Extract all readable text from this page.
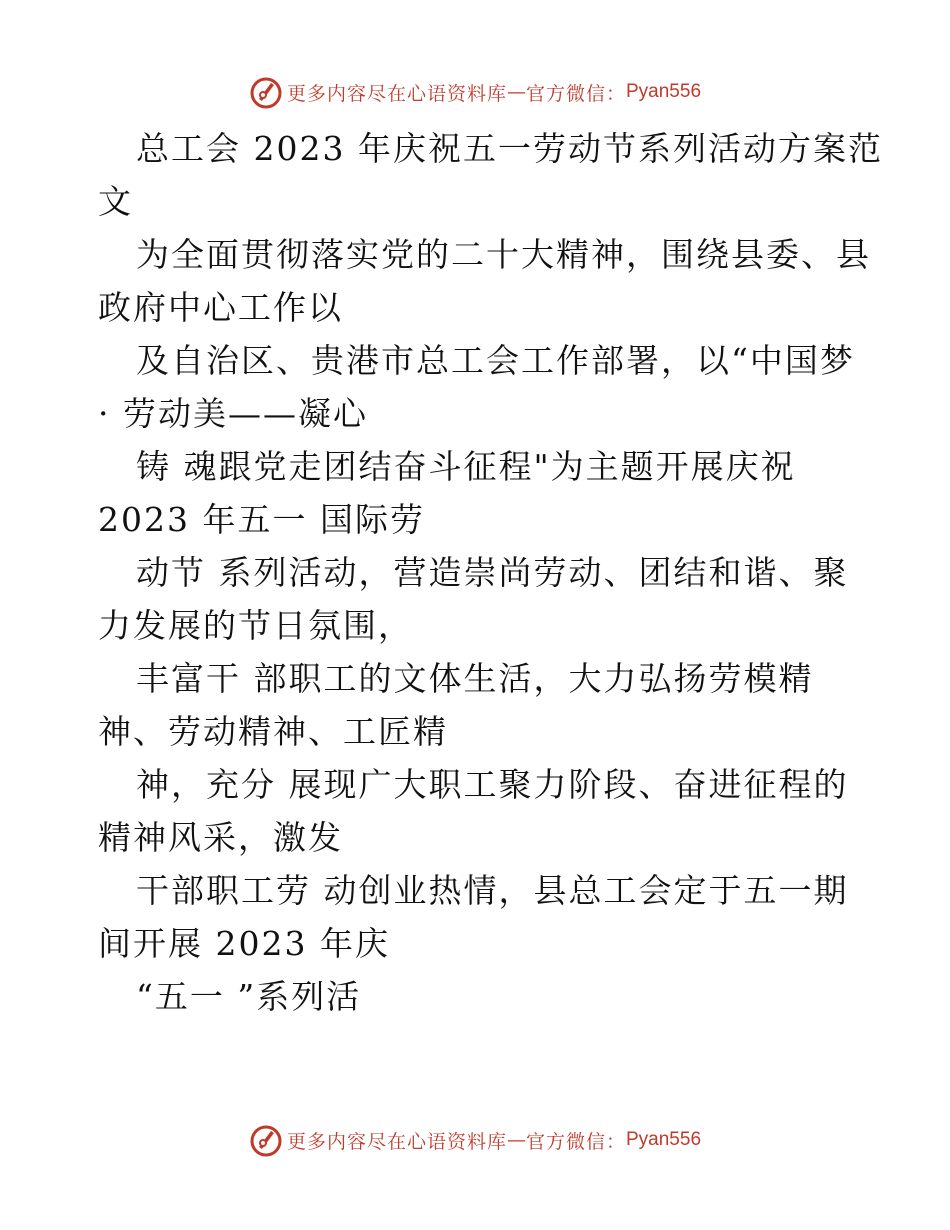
更多内容尽在心语资料库 — 官方微信： Pyan556
总工会 2023 年庆祝五一劳动节系列活动方案范
文
为全面贯彻落实党的二十大精神，围绕县委、县
政府中心工作以
及自治区、贵港市总工会工作部署，以“中国梦
· 劳动美——凝心
铸 魂跟党走团结奋斗征程"为主题开展庆祝
2023 年五一 国际劳
动节 系列活动，营造崇尚劳动、团结和谐、聚
力发展的节日氛围，
丰富干 部职工的文体生活，大力弘扬劳模精
神、劳动精神、工匠精
神，充分 展现广大职工聚力阶段、奋进征程的
精神风采，激发
干部职工劳 动创业热情，县总工会定于五一期
间开展 2023 年庆
“五一 ”系列活
更多内容尽在心语资料库 — 官方微信： Pyan556
